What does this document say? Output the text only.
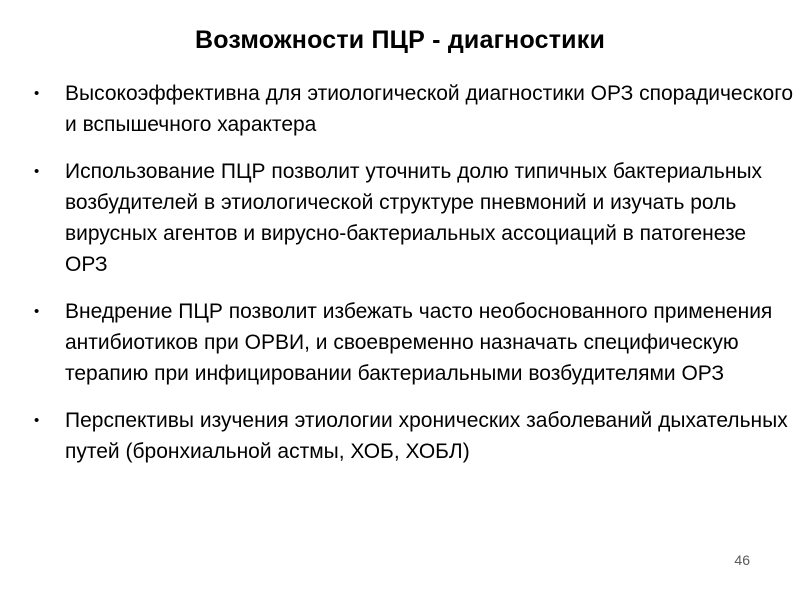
Возможности ПЦР - диагностики
•	Высокоэффективна для этиологической диагностики ОРЗ спорадического и вспышечного характера
•	Использование ПЦР позволит уточнить долю типичных бактериальных возбудителей в этиологической структуре пневмоний и изучать роль вирусных агентов и вирусно-бактериальных ассоциаций в патогенезе ОРЗ
•	Внедрение ПЦР позволит избежать часто необоснованного применения антибиотиков при ОРВИ, и своевременно назначать специфическую терапию при инфицировании бактериальными возбудителями ОРЗ
•	Перспективы изучения этиологии хронических заболеваний дыхательных путей (бронхиальной астмы, ХОБ, ХОБЛ)
46
